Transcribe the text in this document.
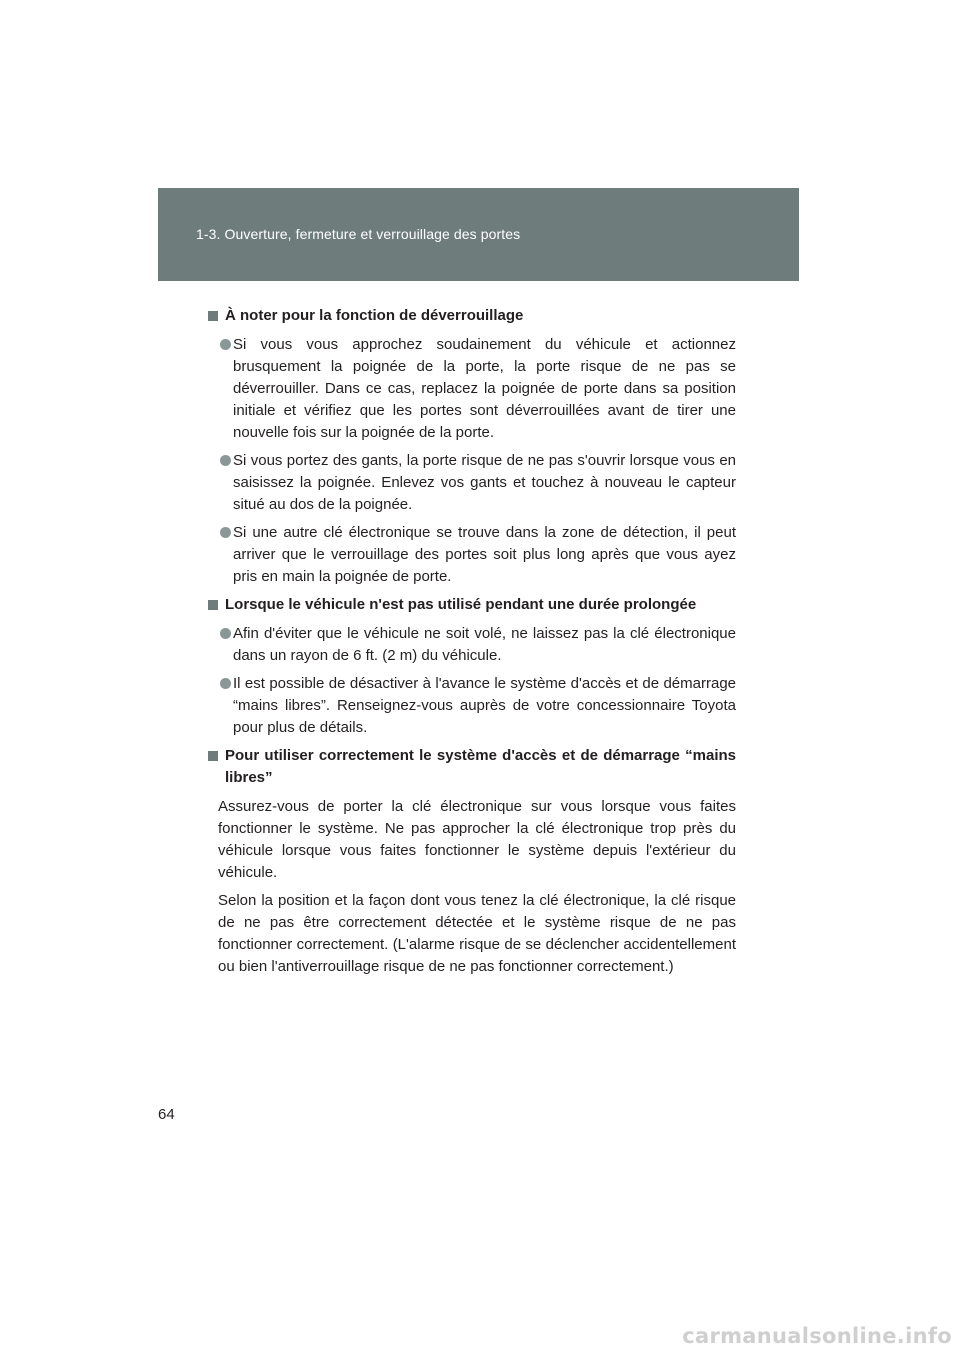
1-3. Ouverture, fermeture et verrouillage des portes
À noter pour la fonction de déverrouillage
Si vous vous approchez soudainement du véhicule et actionnez brusquement la poignée de la porte, la porte risque de ne pas se déverrouiller. Dans ce cas, replacez la poignée de porte dans sa position initiale et vérifiez que les portes sont déverrouillées avant de tirer une nouvelle fois sur la poignée de la porte.
Si vous portez des gants, la porte risque de ne pas s'ouvrir lorsque vous en saisissez la poignée. Enlevez vos gants et touchez à nouveau le capteur situé au dos de la poignée.
Si une autre clé électronique se trouve dans la zone de détection, il peut arriver que le verrouillage des portes soit plus long après que vous ayez pris en main la poignée de porte.
Lorsque le véhicule n'est pas utilisé pendant une durée prolongée
Afin d'éviter que le véhicule ne soit volé, ne laissez pas la clé électronique dans un rayon de 6 ft. (2 m) du véhicule.
Il est possible de désactiver à l'avance le système d'accès et de démarrage “mains libres”. Renseignez-vous auprès de votre concessionnaire Toyota pour plus de détails.
Pour utiliser correctement le système d'accès et de démarrage “mains libres”
Assurez-vous de porter la clé électronique sur vous lorsque vous faites fonctionner le système. Ne pas approcher la clé électronique trop près du véhicule lorsque vous faites fonctionner le système depuis l'extérieur du véhicule.
Selon la position et la façon dont vous tenez la clé électronique, la clé risque de ne pas être correctement détectée et le système risque de ne pas fonctionner correctement. (L'alarme risque de se déclencher accidentellement ou bien l'antiverrouillage risque de ne pas fonctionner correctement.)
64
carmanualsonline.info
